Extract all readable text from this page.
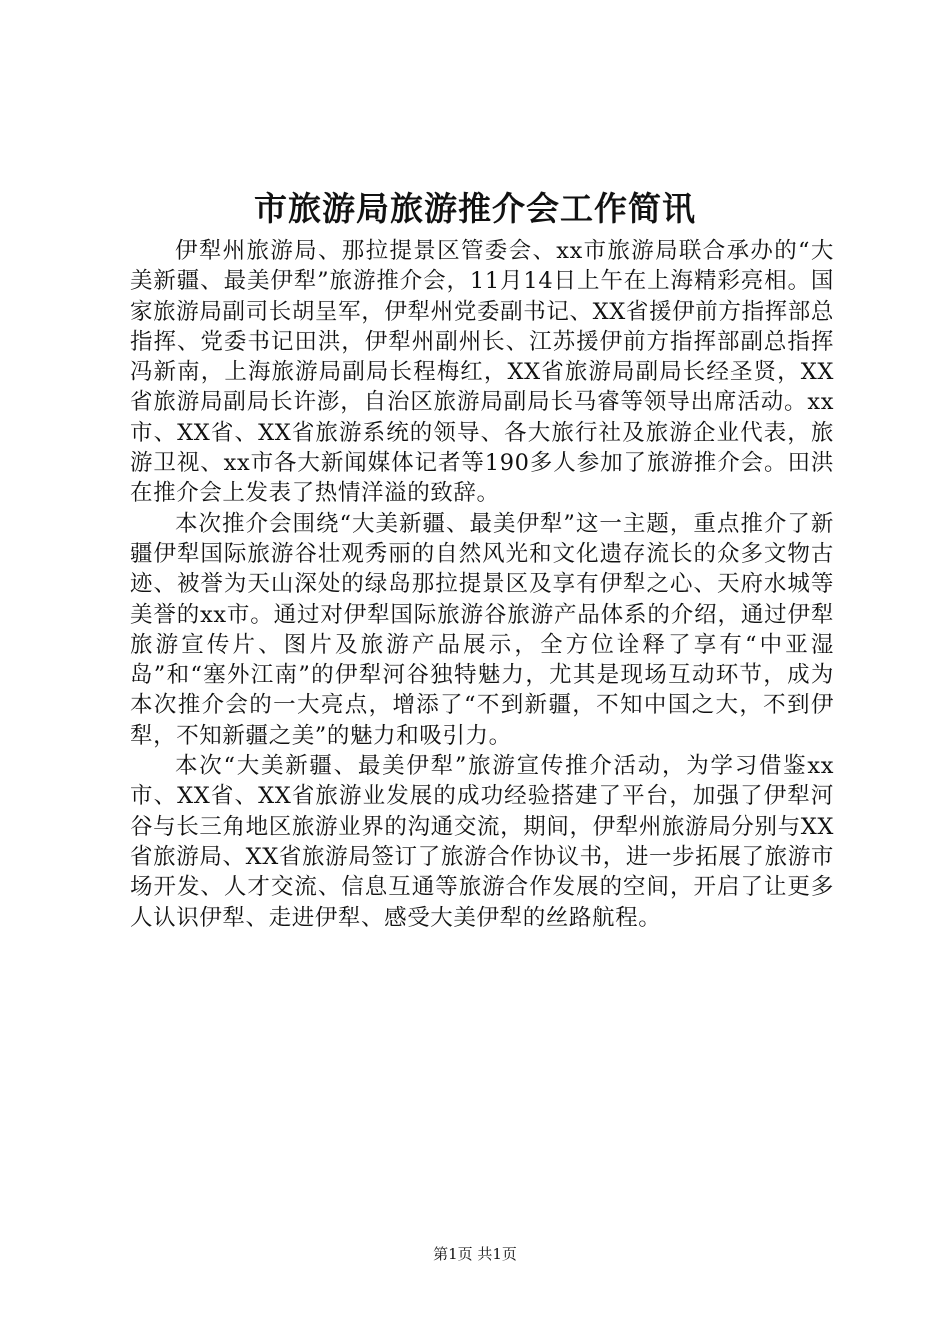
市旅游局旅游推介会工作简讯

伊犁州旅游局、那拉提景区管委会、xx市旅游局联合承办的“大美新疆、最美伊犁”旅游推介会，11月14日上午在上海精彩亮相。国家旅游局副司长胡呈军，伊犁州党委副书记、XX省援伊前方指挥部总指挥、党委书记田洪，伊犁州副州长、江苏援伊前方指挥部副总指挥冯新南，上海旅游局副局长程梅红，XX省旅游局副局长经圣贤，XX省旅游局副局长许澎，自治区旅游局副局长马睿等领导出席活动。xx市、XX省、XX省旅游系统的领导、各大旅行社及旅游企业代表，旅游卫视、xx市各大新闻媒体记者等190多人参加了旅游推介会。田洪在推介会上发表了热情洋溢的致辞。

本次推介会围绕“大美新疆、最美伊犁”这一主题，重点推介了新疆伊犁国际旅游谷壮观秀丽的自然风光和文化遗存流长的众多文物古迹、被誉为天山深处的绿岛那拉提景区及享有伊犁之心、天府水城等美誉的xx市。通过对伊犁国际旅游谷旅游产品体系的介绍，通过伊犁旅游宣传片、图片及旅游产品展示，全方位诠释了享有“中亚湿岛”和“塞外江南”的伊犁河谷独特魅力，尤其是现场互动环节，成为本次推介会的一大亮点，增添了“不到新疆，不知中国之大，不到伊犁，不知新疆之美”的魅力和吸引力。

本次“大美新疆、最美伊犁”旅游宣传推介活动，为学习借鉴xx市、XX省、XX省旅游业发展的成功经验搭建了平台，加强了伊犁河谷与长三角地区旅游业界的沟通交流，期间，伊犁州旅游局分别与XX省旅游局、XX省旅游局签订了旅游合作协议书，进一步拓展了旅游市场开发、人才交流、信息互通等旅游合作发展的空间，开启了让更多人认识伊犁、走进伊犁、感受大美伊犁的丝路航程。

第1页 共1页
